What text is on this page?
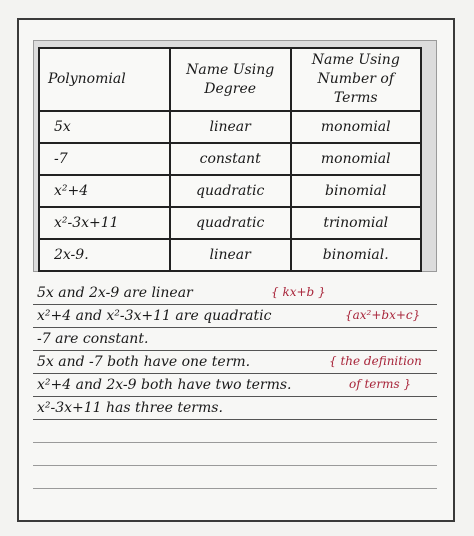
Polynomial	Name Using Degree	Name Using Number of Terms
5x	linear	monomial
-7	constant	monomial
x²+4	quadratic	binomial
x²-3x+11	quadratic	trinomial
2x-9.	linear	binomial.
5x and 2x-9 are linear	{ kx+b }
x²+4 and x²-3x+11 are quadratic	{ax²+bx+c}
-7 are constant.
5x and -7 both have one term.	{ the definition
x²+4 and 2x-9 both have two terms.	of terms }
x²-3x+11 has three terms.
